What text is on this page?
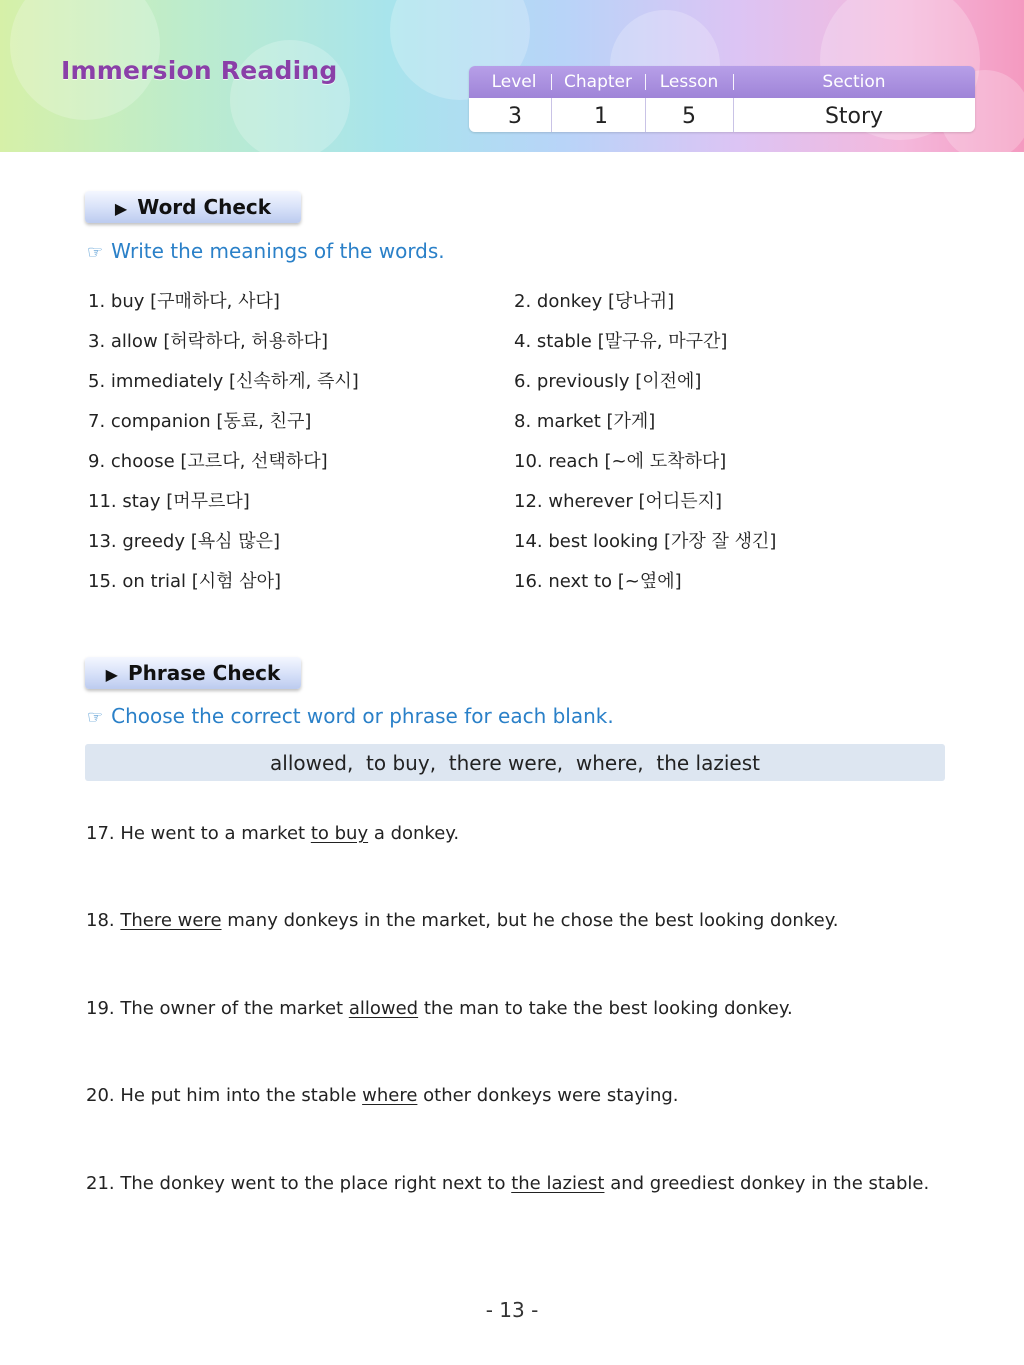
Immersion Reading	Level	Chapter	Lesson	Section
3	1	5	Story
▶ Word Check
☞ Write the meanings of the words.
1. buy [구매하다, 사다]	2. donkey [당나귀]
3. allow [허락하다, 허용하다]	4. stable [말구유, 마구간]
5. immediately [신속하게, 즉시]	6. previously [이전에]
7. companion [동료, 친구]	8. market [가게]
9. choose [고르다, 선택하다]	10. reach [~에 도착하다]
11. stay [머무르다]	12. wherever [어디든지]
13. greedy [욕심 많은]	14. best looking [가장 잘 생긴]
15. on trial [시험 삼아]	16. next to [~옆에]
▶ Phrase Check
☞ Choose the correct word or phrase for each blank.
allowed,  to buy,  there were,  where,  the laziest
17. He went to a market to buy a donkey.
18. There were many donkeys in the market, but he chose the best looking donkey.
19. The owner of the market allowed the man to take the best looking donkey.
20. He put him into the stable where other donkeys were staying.
21. The donkey went to the place right next to the laziest and greediest donkey in the stable.
- 13 -
